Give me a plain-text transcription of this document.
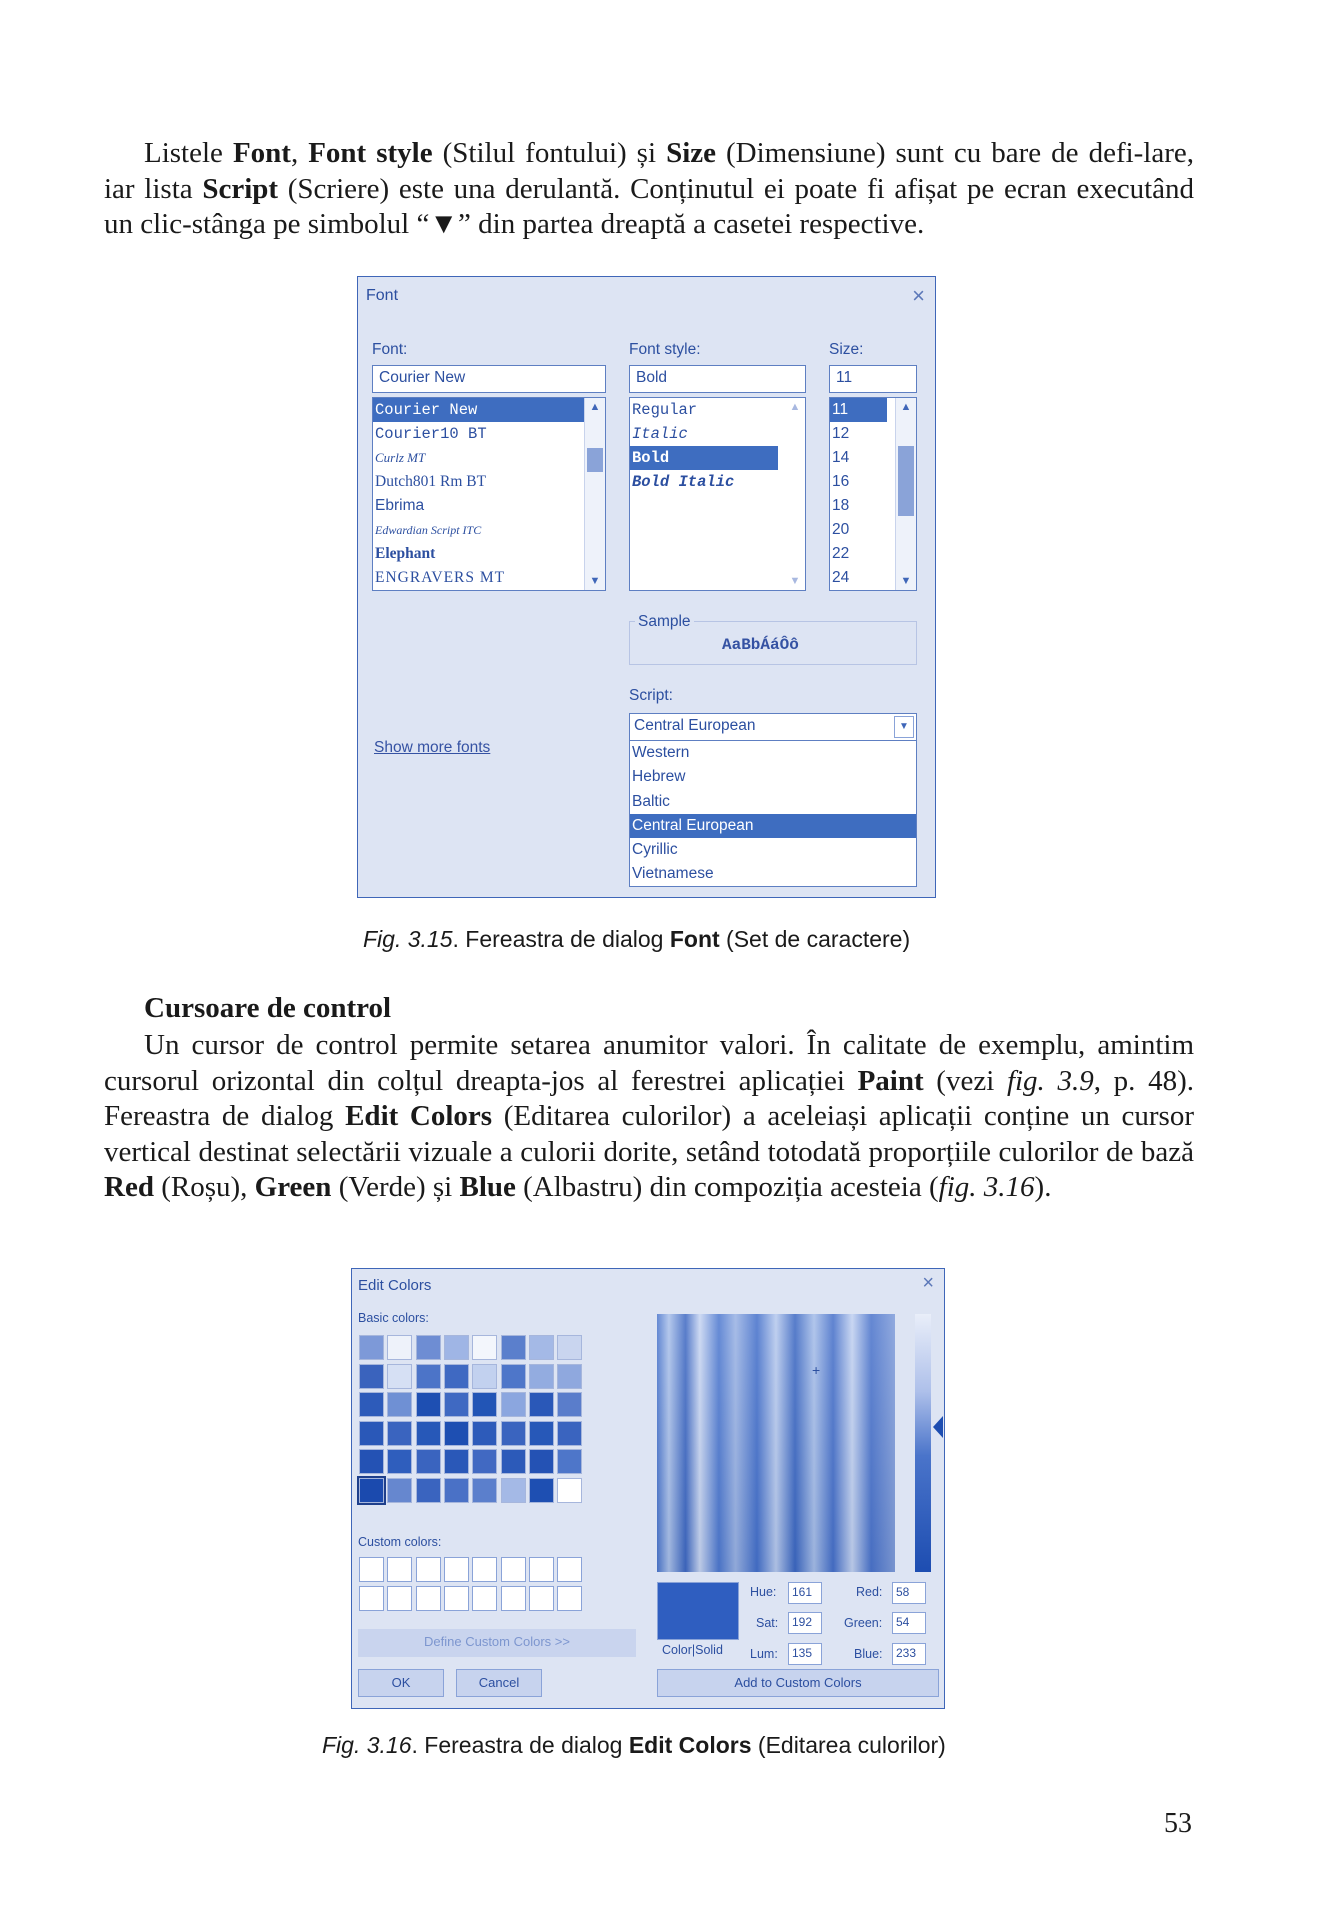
Listele Font, Font style (Stilul fontului) și Size (Dimensiune) sunt cu bare de defi-lare, iar lista Script (Scriere) este una derulantă. Conținutul ei poate fi afișat pe ecran executând un clic-stânga pe simbolul “▼” din partea dreaptă a casetei respective.
Font	×
Font:
Courier New
Courier New
Courier10 BT
Curlz MT
Dutch801 Rm BT
Ebrima
Edwardian Script ITC
Elephant
ENGRAVERS MT
▲
▼
Font style:
Bold
Regular
Italic
Bold
Bold Italic
▲
▼
Size:
11
11
12
14
16
18
20
22
24
▲
▼
Sample
AaBbÁáÔô
Script:
Central European	▼
Western
Hebrew
Baltic
Central European
Cyrillic
Vietnamese
Show more fonts
Fig. 3.15. Fereastra de dialog Font (Set de caractere)
Cursoare de control
Un cursor de control permite setarea anumitor valori. În calitate de exemplu, amintim cursorul orizontal din colțul dreapta-jos al ferestrei aplicației Paint (vezi fig. 3.9, p. 48). Fereastra de dialog Edit Colors (Editarea culorilor) a aceleiași aplicații conține un cursor vertical destinat selectării vizuale a culorii dorite, setând totodată proporțiile culorilor de bază Red (Roșu), Green (Verde) și Blue (Albastru) din compoziția acesteia (fig. 3.16).
Edit Colors	×
Basic colors:
Custom colors:
Define Custom Colors >>
OK	Cancel
+
Color|Solid
Hue:	161
Sat:	192
Lum:	135
Red:	58
Green:	54
Blue:	233
Add to Custom Colors
Fig. 3.16. Fereastra de dialog Edit Colors (Editarea culorilor)
53
